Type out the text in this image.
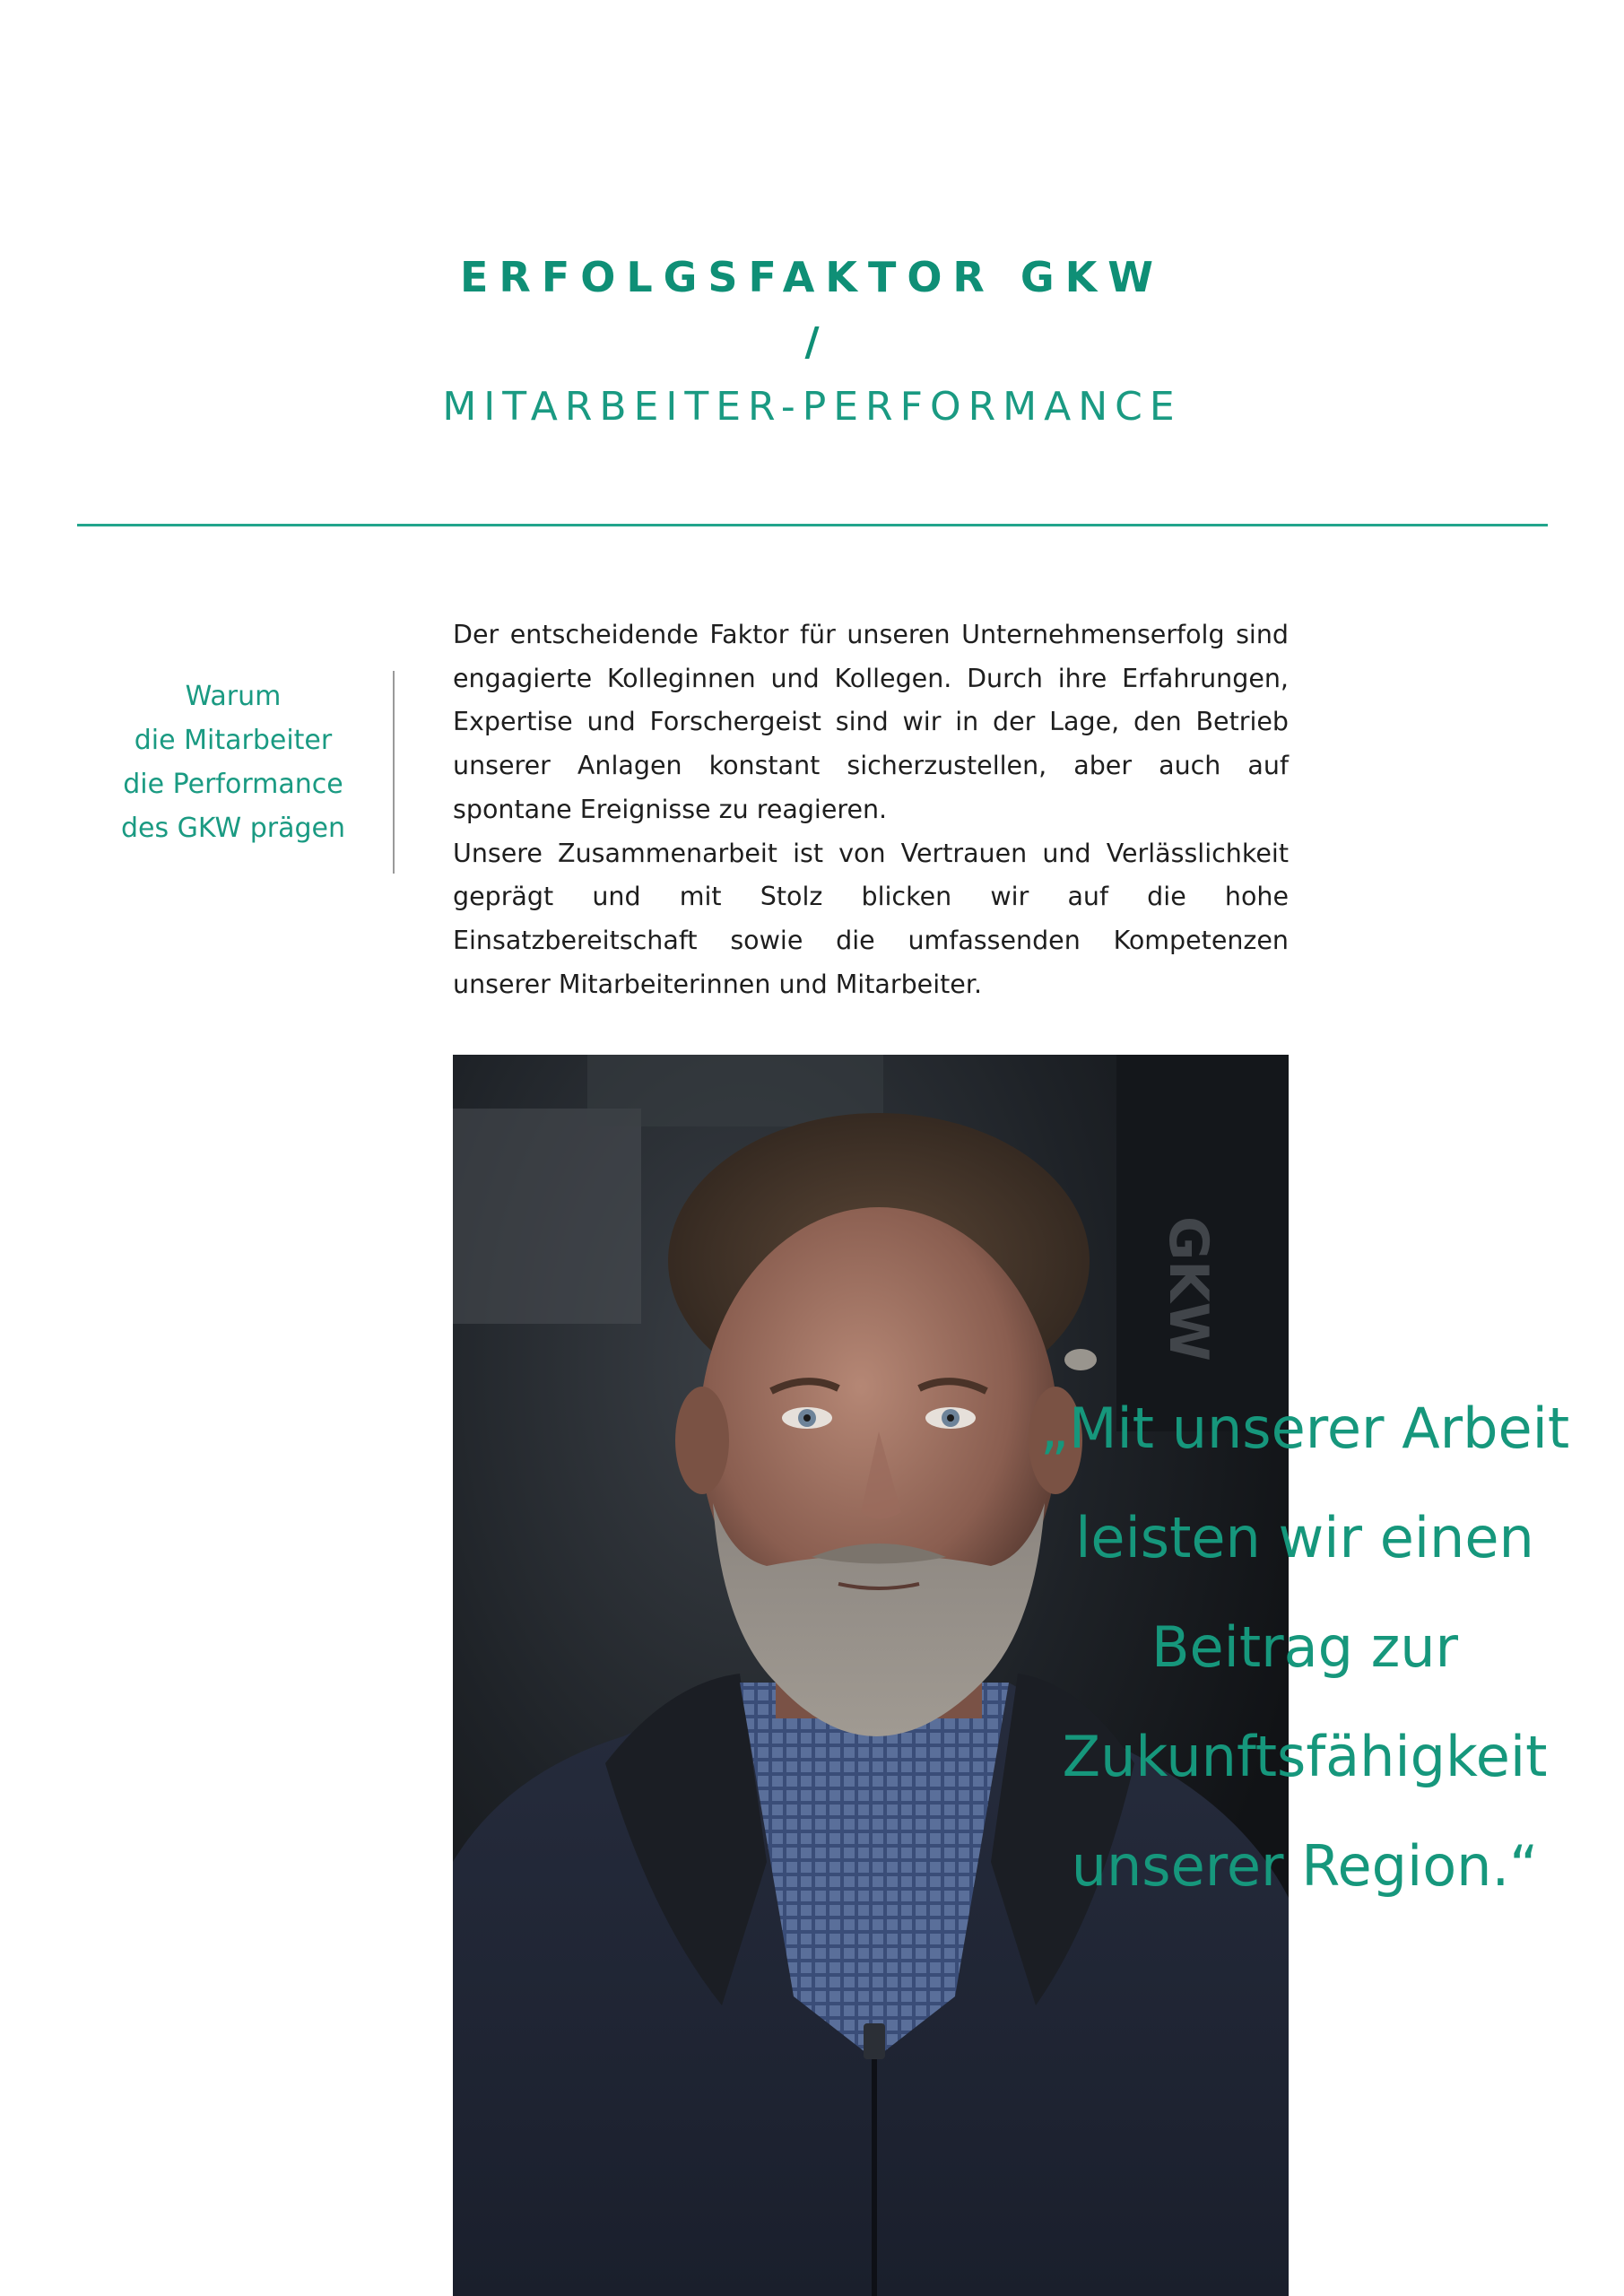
ERFOLGSFAKTOR GKW
/
MITARBEITER-PERFORMANCE
Warum
die Mitarbeiter
die Performance
des GKW prägen

Der entscheidende Faktor für unseren Unternehmenserfolg sind engagierte Kolleginnen und Kollegen. Durch ihre Erfahrungen, Expertise und Forschergeist sind wir in der Lage, den Betrieb unserer Anlagen konstant sicherzustellen, aber auch auf spontane Ereignisse zu reagieren.

Unsere Zusammenarbeit ist von Vertrauen und Verlässlichkeit geprägt und mit Stolz blicken wir auf die hohe Einsatzbereitschaft sowie die umfassenden Kompetenzen unserer Mitarbeiterinnen und Mitarbeiter.

GKW
„Mit unserer Arbeit
leisten wir einen
Beitrag zur
Zukunftsfähigkeit
unserer Region.“
